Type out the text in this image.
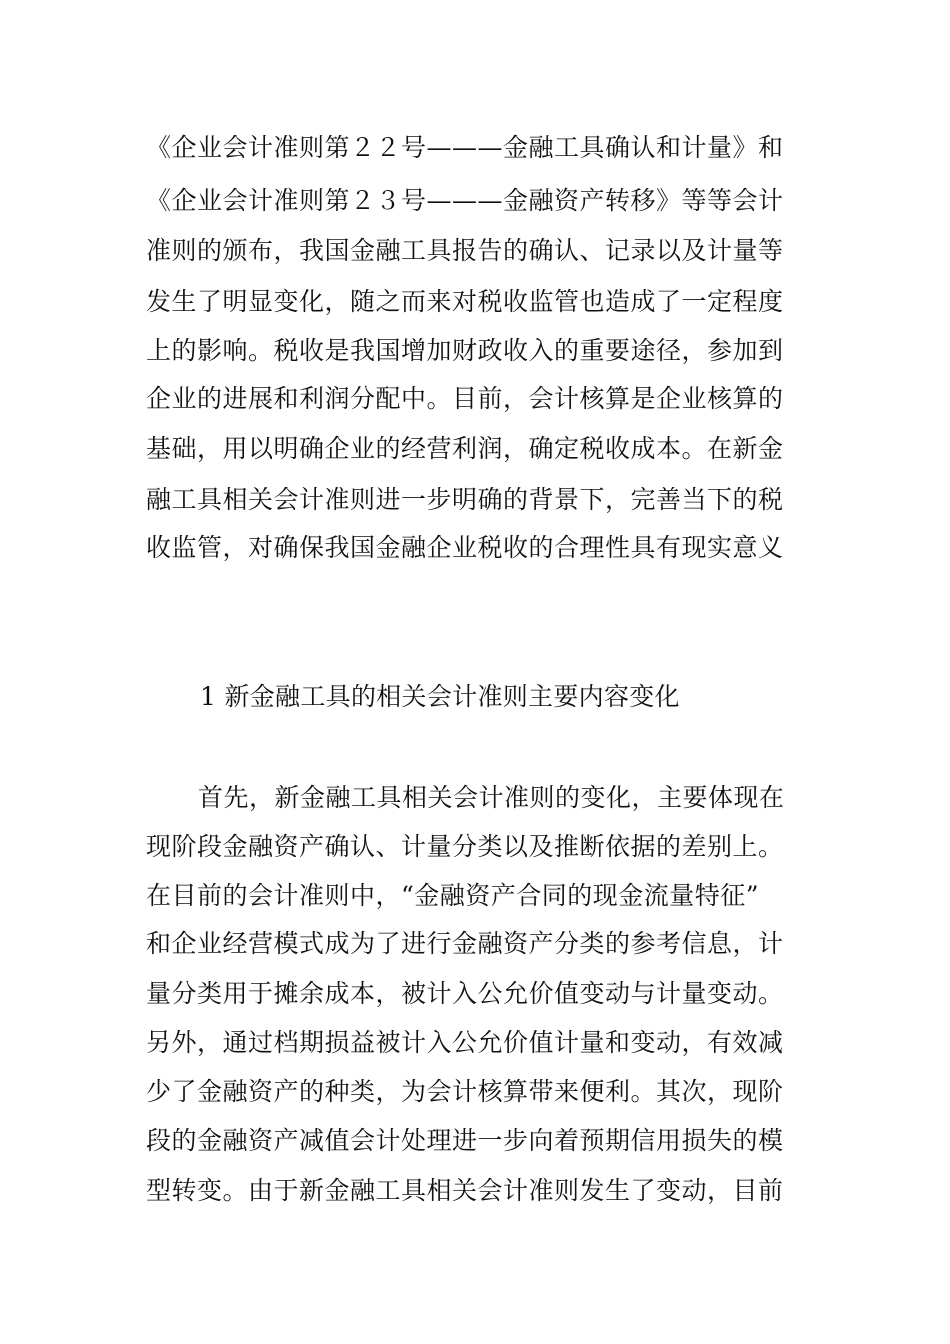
《企业会计准则第２２号———金融工具确认和计量》和
《企业会计准则第２３号———金融资产转移》等等会计
准则的颁布，我国金融工具报告的确认、记录以及计量等
发生了明显变化，随之而来对税收监管也造成了一定程度
上的影响。税收是我国增加财政收入的重要途径，参加到
企业的进展和利润分配中。目前，会计核算是企业核算的
基础，用以明确企业的经营利润，确定税收成本。在新金
融工具相关会计准则进一步明确的背景下，完善当下的税
收监管，对确保我国金融企业税收的合理性具有现实意义
1 新金融工具的相关会计准则主要内容变化
首先，新金融工具相关会计准则的变化，主要体现在
现阶段金融资产确认、计量分类以及推断依据的差别上。
在目前的会计准则中，“金融资产合同的现金流量特征”
和企业经营模式成为了进行金融资产分类的参考信息，计
量分类用于摊余成本，被计入公允价值变动与计量变动。
另外，通过档期损益被计入公允价值计量和变动，有效减
少了金融资产的种类，为会计核算带来便利。其次，现阶
段的金融资产减值会计处理进一步向着预期信用损失的模
型转变。由于新金融工具相关会计准则发生了变动，目前
